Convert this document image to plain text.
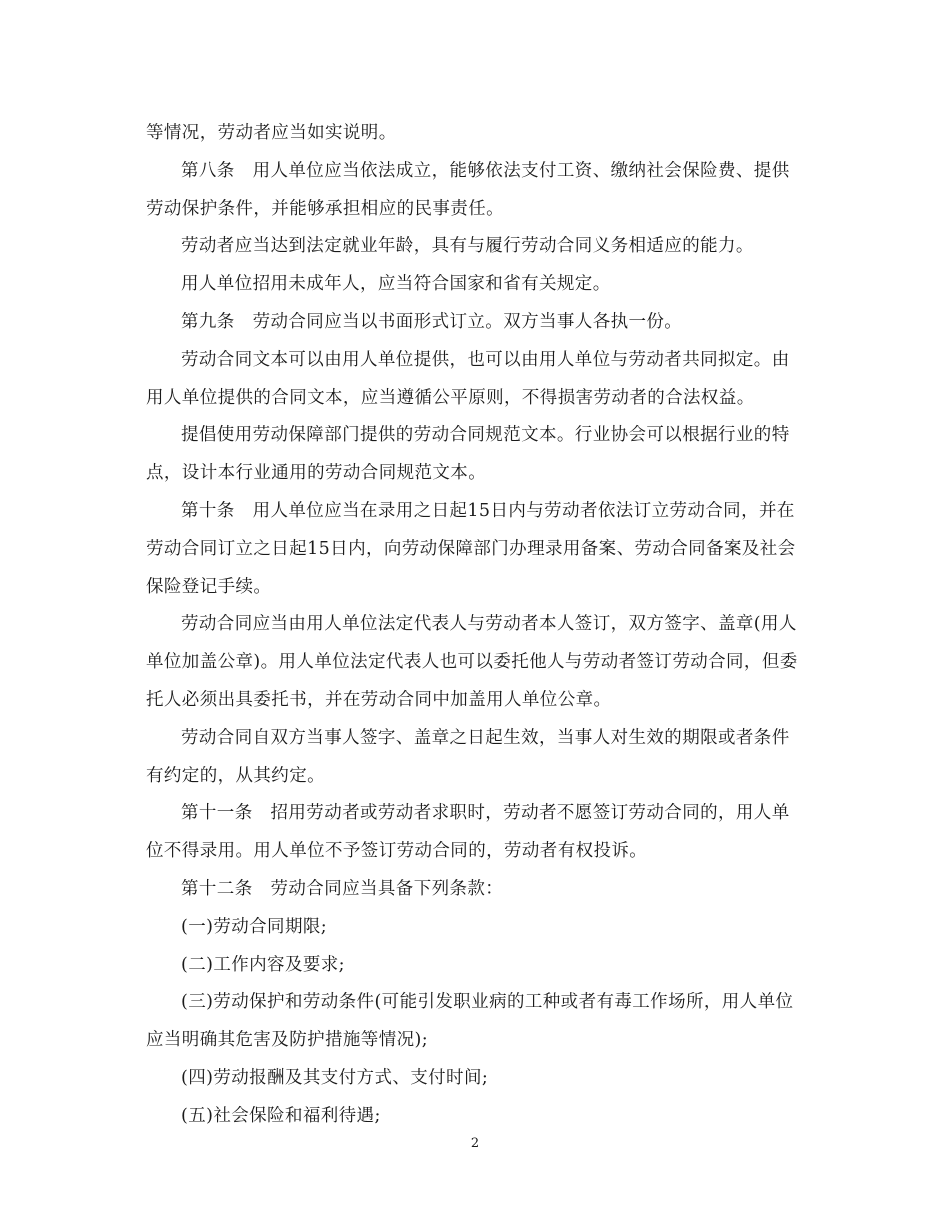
等情况，劳动者应当如实说明。

第八条　用人单位应当依法成立，能够依法支付工资、缴纳社会保险费、提供劳动保护条件，并能够承担相应的民事责任。

劳动者应当达到法定就业年龄，具有与履行劳动合同义务相适应的能力。

用人单位招用未成年人，应当符合国家和省有关规定。

第九条　劳动合同应当以书面形式订立。双方当事人各执一份。

劳动合同文本可以由用人单位提供，也可以由用人单位与劳动者共同拟定。由用人单位提供的合同文本，应当遵循公平原则，不得损害劳动者的合法权益。

提倡使用劳动保障部门提供的劳动合同规范文本。行业协会可以根据行业的特点，设计本行业通用的劳动合同规范文本。

第十条　用人单位应当在录用之日起15日内与劳动者依法订立劳动合同，并在劳动合同订立之日起15日内，向劳动保障部门办理录用备案、劳动合同备案及社会保险登记手续。

劳动合同应当由用人单位法定代表人与劳动者本人签订，双方签字、盖章(用人单位加盖公章)。用人单位法定代表人也可以委托他人与劳动者签订劳动合同，但委托人必须出具委托书，并在劳动合同中加盖用人单位公章。

劳动合同自双方当事人签字、盖章之日起生效，当事人对生效的期限或者条件有约定的，从其约定。

第十一条　招用劳动者或劳动者求职时，劳动者不愿签订劳动合同的，用人单位不得录用。用人单位不予签订劳动合同的，劳动者有权投诉。

第十二条　劳动合同应当具备下列条款：

(一)劳动合同期限;

(二)工作内容及要求;

(三)劳动保护和劳动条件(可能引发职业病的工种或者有毒工作场所，用人单位应当明确其危害及防护措施等情况);

(四)劳动报酬及其支付方式、支付时间;

(五)社会保险和福利待遇;

2
